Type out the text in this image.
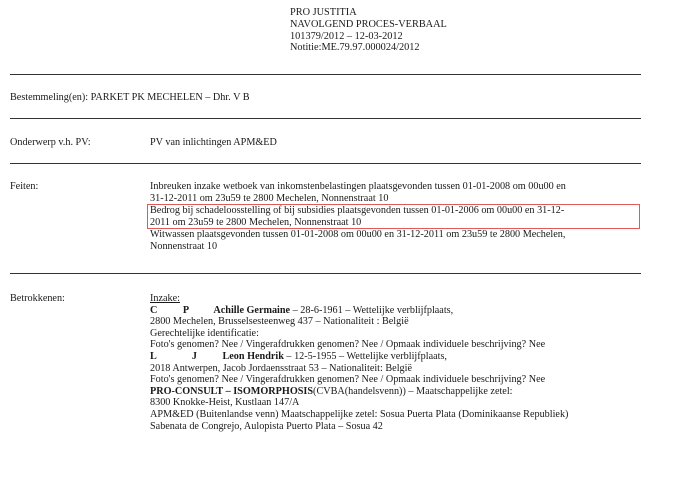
PRO JUSTITIA
NAVOLGEND PROCES-VERBAAL
101379/2012 – 12-03-2012
Notitie:ME.79.97.000024/2012
Bestemmeling(en): PARKET PK MECHELEN – Dhr. V B
Onderwerp v.h. PV:	PV van inlichtingen APM&ED
Feiten:	Inbreuken inzake wetboek van inkomstenbelastingen plaatsgevonden tussen 01-01-2008 om 00u00 en
31-12-2011 om 23u59 te 2800 Mechelen, Nonnenstraat 10
Bedrog bij schadeloosstelling of bij subsidies plaatsgevonden tussen 01-01-2006 om 00u00 en 31-12-
2011 om 23u59 te 2800 Mechelen, Nonnenstraat 10
Witwassen plaatsgevonden tussen 01-01-2008 om 00u00 en 31-12-2011 om 23u59 te 2800 Mechelen,
Nonnenstraat 10
Betrokkenen:	Inzake:
C          P          Achille Germaine – 28-6-1961 – Wettelijke verblijfplaats,
2800 Mechelen, Brusselsesteenweg 437 – Nationaliteit : België
Gerechtelijke identificatie:
Foto's genomen? Nee / Vingerafdrukken genomen? Nee / Opmaak individuele beschrijving? Nee
L              J          Leon Hendrik – 12-5-1955 – Wettelijke verblijfplaats,
2018 Antwerpen, Jacob Jordaensstraat 53 – Nationaliteit: België
Foto's genomen? Nee / Vingerafdrukken genomen? Nee / Opmaak individuele beschrijving? Nee
PRO-CONSULT – ISOMORPHOSIS(CVBA(handelsvenn)) – Maatschappelijke zetel:
8300 Knokke-Heist, Kustlaan 147/A
APM&ED (Buitenlandse venn) Maatschappelijke zetel: Sosua Puerta Plata (Dominikaanse Republiek)
Sabenata de Congrejo, Aulopista Puerto Plata – Sosua 42
